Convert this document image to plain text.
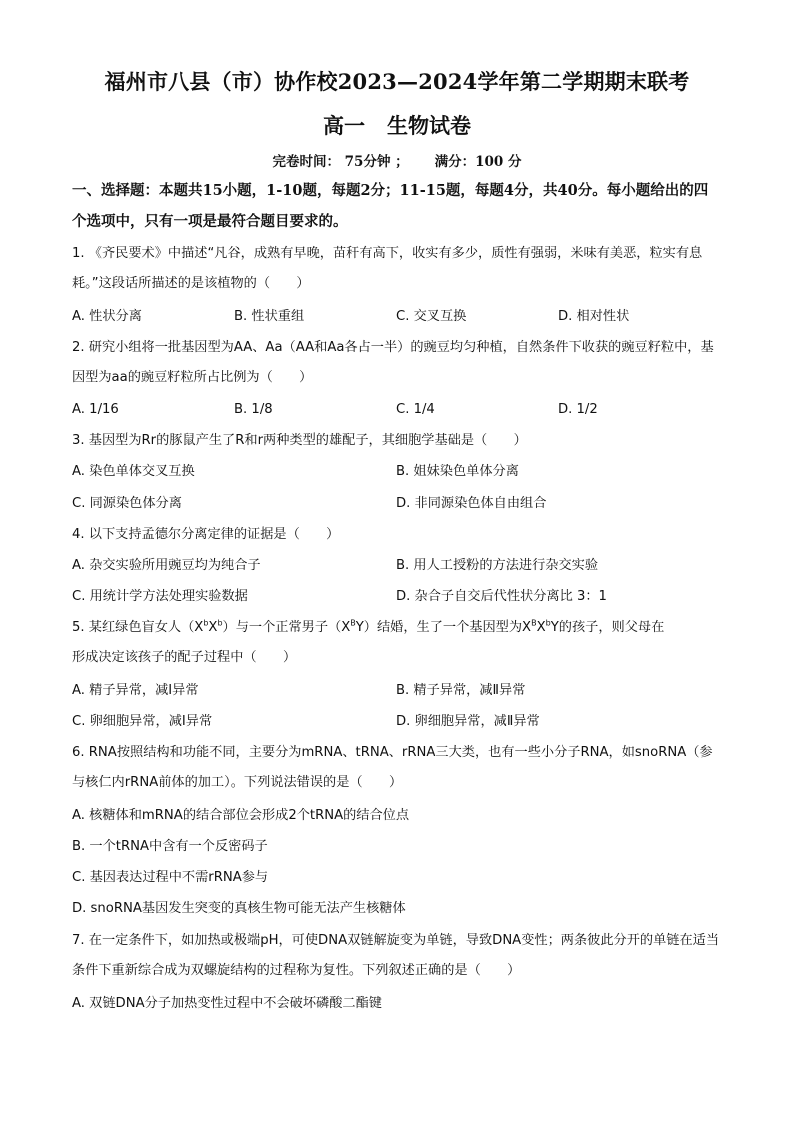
福州市八县（市）协作校2023—2024学年第二学期期末联考
高一 生物试卷
完卷时间： 75分钟 ； 满分：100 分
一、选择题：本题共15小题，1-10题，每题2分；11-15题，每题4分，共40分。每小题给出的四个选项中，只有一项是最符合题目要求的。
1. 《齐民要术》中描述“凡谷，成熟有早晚，苗秆有高下，收实有多少，质性有强弱，米味有美恶，粒实有息耗。”这段话所描述的是该植物的（　　）
A. 性状分离	B. 性状重组	C. 交叉互换	D. 相对性状
2. 研究小组将一批基因型为AA、Aa（AA和Aa各占一半）的豌豆均匀种植，自然条件下收获的豌豆籽粒中，基因型为aa的豌豆籽粒所占比例为（　　）
A. 1/16	B. 1/8	C. 1/4	D. 1/2
3. 基因型为Rr的豚鼠产生了R和r两种类型的雄配子，其细胞学基础是（　　）
A. 染色单体交叉互换	B. 姐妹染色单体分离
C. 同源染色体分离	D. 非同源染色体自由组合
4. 以下支持孟德尔分离定律的证据是（　　）
A. 杂交实验所用豌豆均为纯合子	B. 用人工授粉的方法进行杂交实验
C. 用统计学方法处理实验数据	D. 杂合子自交后代性状分离比 3：1
5. 某红绿色盲女人$(X^bX^b)$与一个正常男子$(X^BY)$结婚，生了一个基因型为$X^BX^bY$的孩子，则父母在
形成决定该孩子的配子过程中（　　）
A. 精子异常，减Ⅰ异常	B. 精子异常，减Ⅱ异常
C. 卵细胞异常，减Ⅰ异常	D. 卵细胞异常，减Ⅱ异常
6. RNA按照结构和功能不同，主要分为mRNA、tRNA、rRNA三大类，也有一些小分子RNA，如snoRNA（参与核仁内rRNA前体的加工）。下列说法错误的是（　　）
A. 核糖体和mRNA的结合部位会形成2个tRNA的结合位点
B. 一个tRNA中含有一个反密码子
C. 基因表达过程中不需rRNA参与
D. snoRNA基因发生突变的真核生物可能无法产生核糖体
7. 在一定条件下，如加热或极端pH，可使DNA双链解旋变为单链，导致DNA变性；两条彼此分开的单链在适当条件下重新综合成为双螺旋结构的过程称为复性。下列叙述正确的是（　　）
A. 双链DNA分子加热变性过程中不会破坏磷酸二酯键
